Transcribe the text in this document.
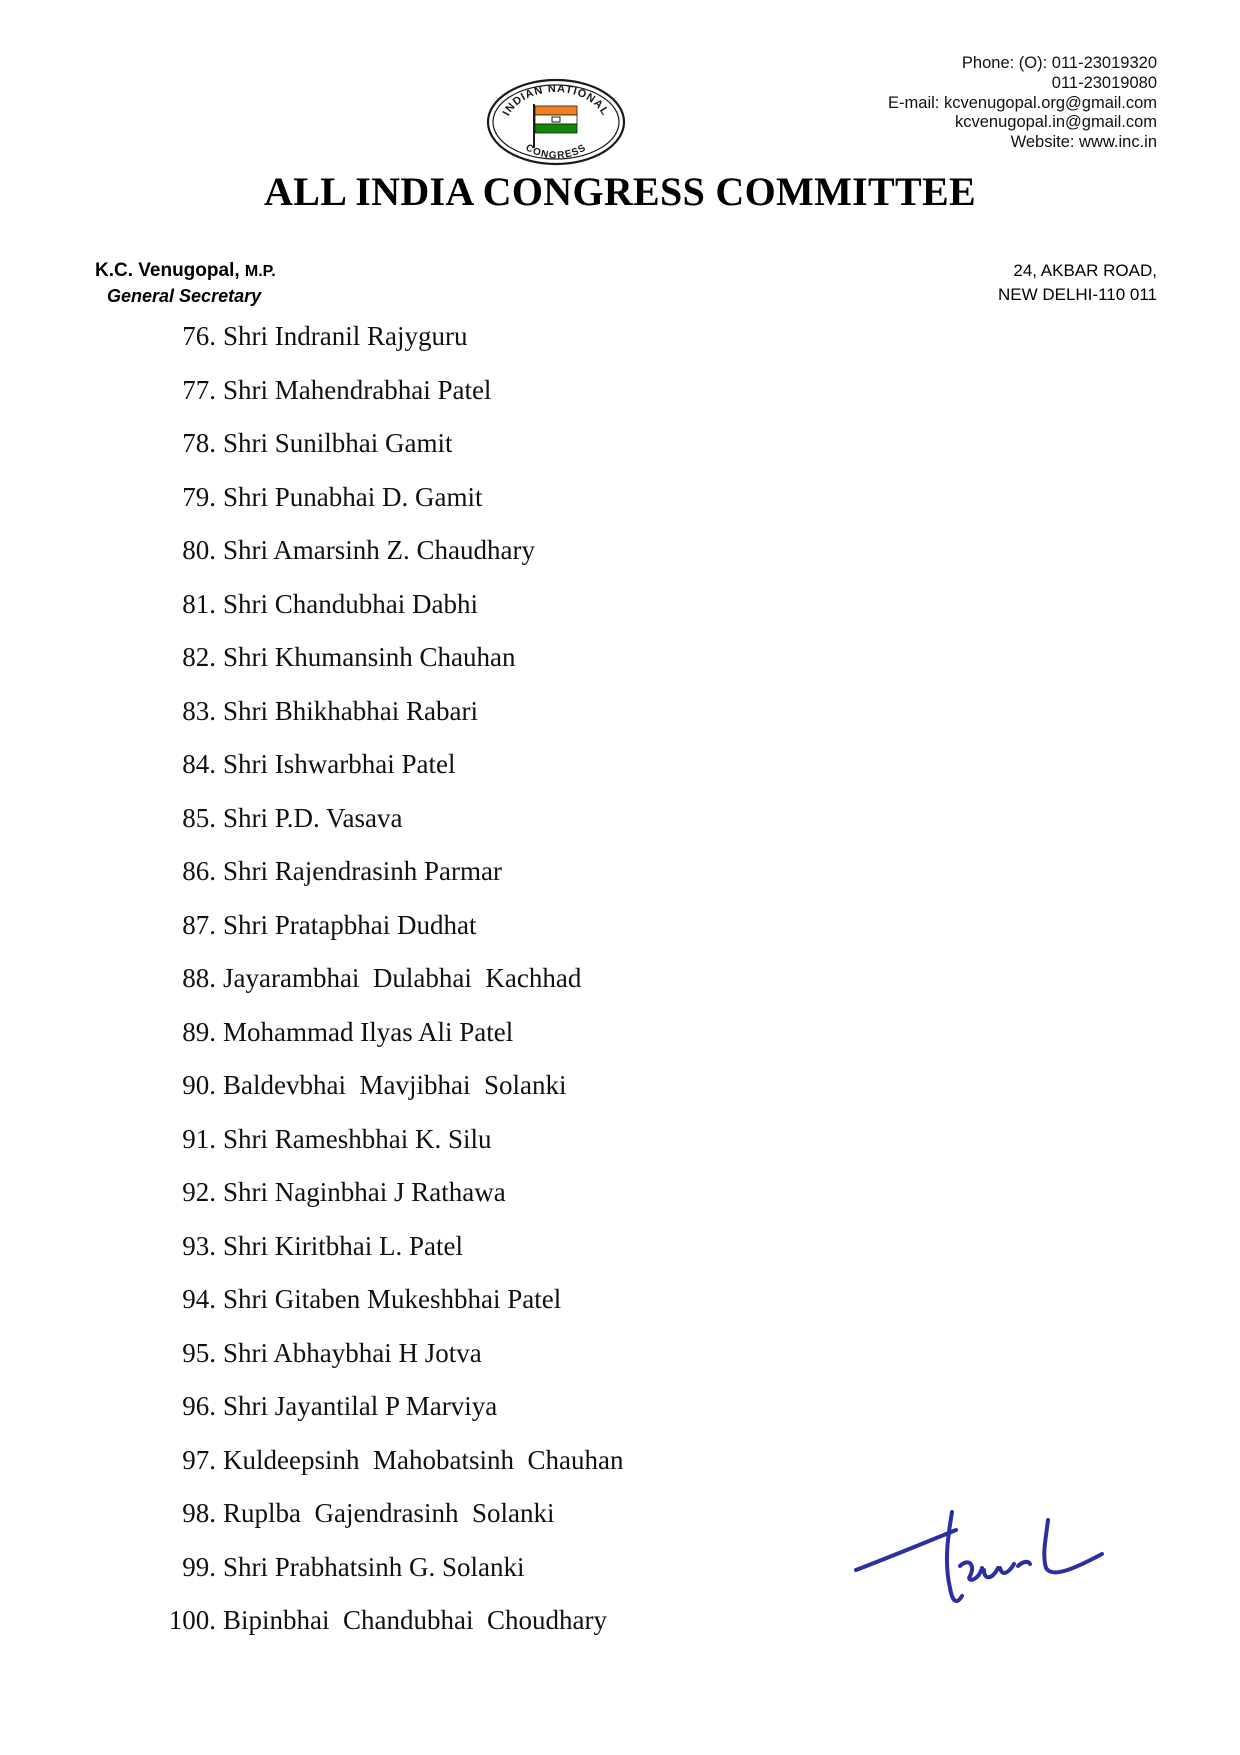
Phone: (O): 011-23019320
011-23019080
E-mail: kcvenugopal.org@gmail.com
kcvenugopal.in@gmail.com
Website: www.inc.in
INDIAN NATIONAL
CONGRESS
ALL INDIA CONGRESS COMMITTEE
K.C. Venugopal, M.P.
General Secretary
24, AKBAR ROAD,
NEW DELHI-110 011
76. Shri Indranil Rajyguru
77. Shri Mahendrabhai Patel
78. Shri Sunilbhai Gamit
79. Shri Punabhai D. Gamit
80. Shri Amarsinh Z. Chaudhary
81. Shri Chandubhai Dabhi
82. Shri Khumansinh Chauhan
83. Shri Bhikhabhai Rabari
84. Shri Ishwarbhai Patel
85. Shri P.D. Vasava
86. Shri Rajendrasinh Parmar
87. Shri Pratapbhai Dudhat
88. Jayarambhai  Dulabhai  Kachhad
89. Mohammad Ilyas Ali Patel
90. Baldevbhai  Mavjibhai  Solanki
91. Shri Rameshbhai K. Silu
92. Shri Naginbhai J Rathawa
93. Shri Kiritbhai L. Patel
94. Shri Gitaben Mukeshbhai Patel
95. Shri Abhaybhai H Jotva
96. Shri Jayantilal P Marviya
97. Kuldeepsinh  Mahobatsinh  Chauhan
98. Ruplba  Gajendrasinh  Solanki
99. Shri Prabhatsinh G. Solanki
100. Bipinbhai  Chandubhai  Choudhary
